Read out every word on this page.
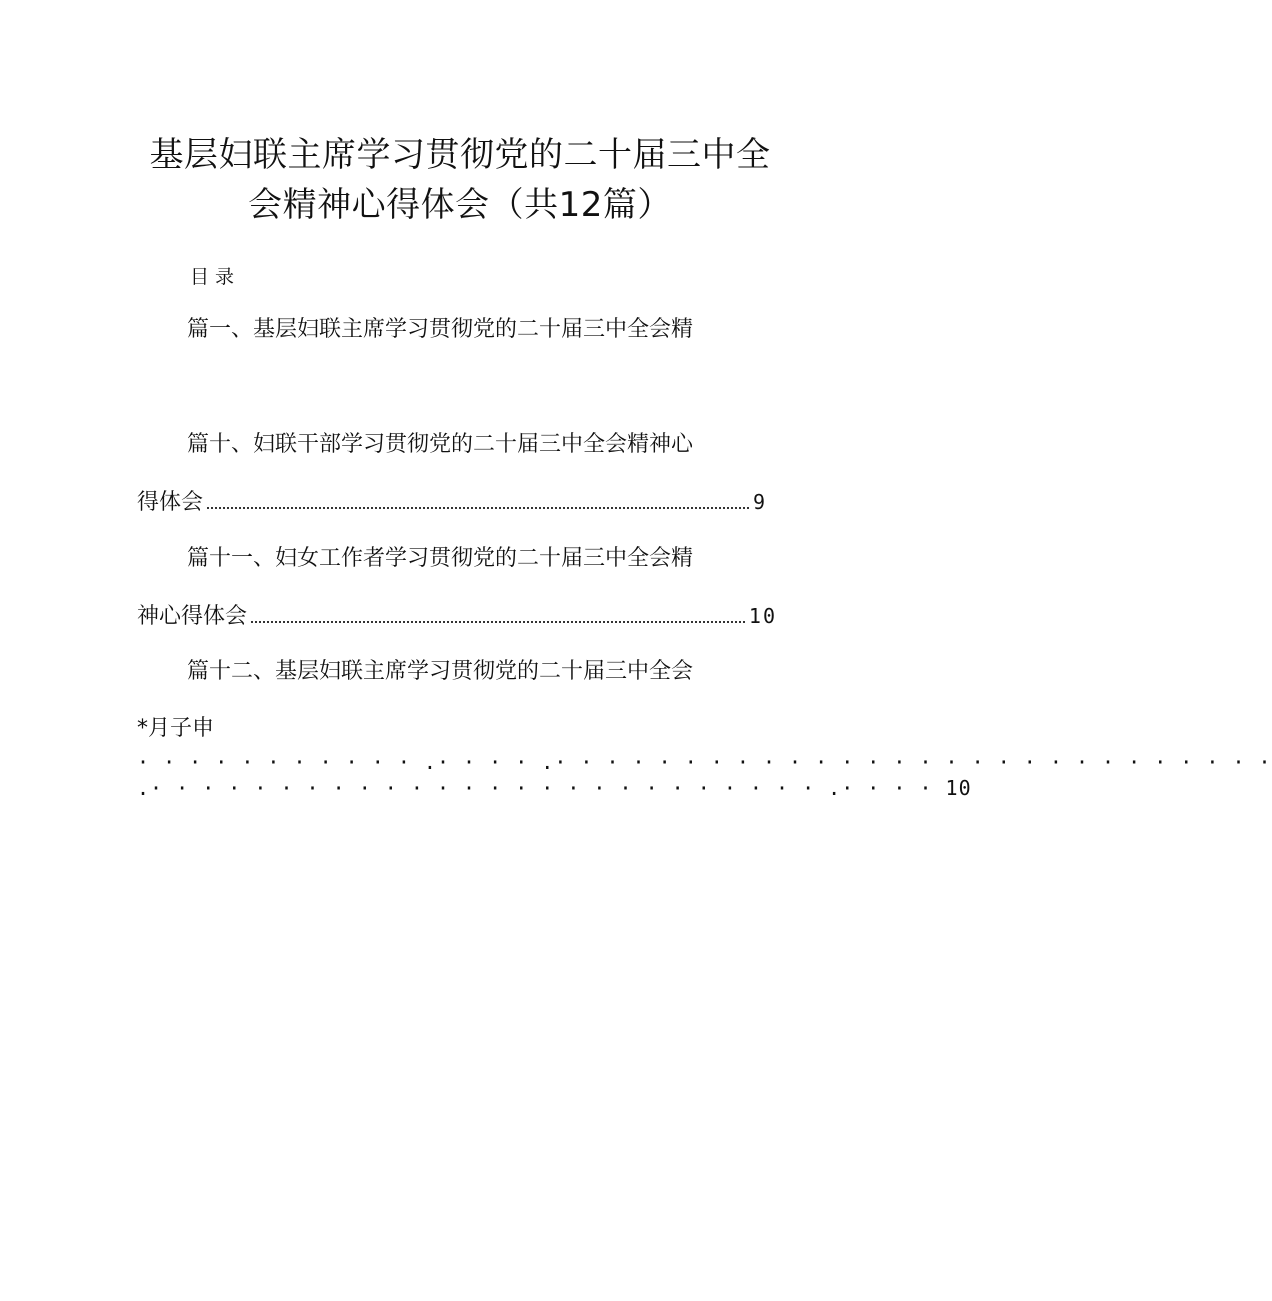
基层妇联主席学习贯彻党的二十届三中全
会精神心得体会（共12篇）
目录
篇一、基层妇联主席学习贯彻党的二十届三中全会精
篇十、妇联干部学习贯彻党的二十届三中全会精神心
得体会	9
篇十一、妇女工作者学习贯彻党的二十届三中全会精
神心得体会	10
篇十二、基层妇联主席学习贯彻党的二十届三中全会
*月子申
· · · · · · · · · · · .· · · · .· · · · · · · · · · · · · · · · · · · · · · · · · · · ·
.· · · · · · · · · · · · · · · · · · · · · · · · · · .· · · · 10
